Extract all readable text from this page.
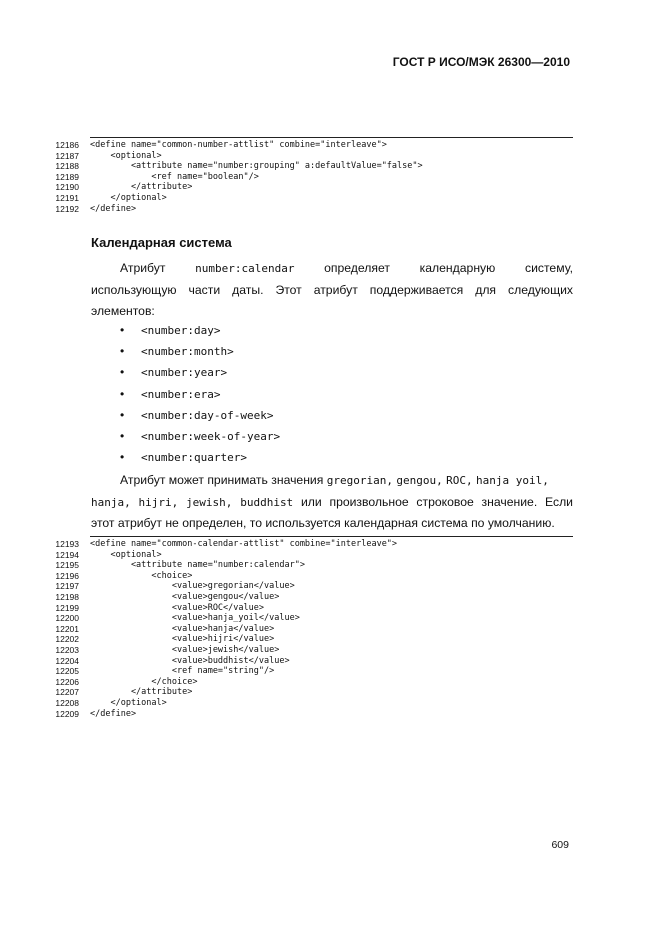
ГОСТ Р ИСО/МЭК 26300—2010
12186 <define name="common-number-attlist" combine="interleave">
12187 <optional>
12188 <attribute name="number:grouping" a:defaultValue="false">
12189 <ref name="boolean"/>
12190 </attribute>
12191 </optional>
12192 </define>
Календарная система
Атрибут	number:calendar определяет календарную систему,
использующую части даты. Этот атрибут поддерживается для следующих
элементов:
• <number:day>
• <number:month>
• <number:year>
• <number:era>
• <number:day-of-week>
• <number:week-of-year>
• <number:quarter>
Атрибут может принимать значения gregorian, gengou, ROC, hanja yoil,
hanja, hijri, jewish, buddhist или произвольное строковое значение. Если
этот атрибут не определен, то используется календарная система по умолчанию.
12193 <define name="common-calendar-attlist" combine="interleave">
12194 <optional>
12195 <attribute name="number:calendar">
12196 <choice>
12197 <value>gregorian</value>
12198 <value>gengou</value>
12199 <value>ROC</value>
12200 <value>hanja_yoil</value>
12201 <value>hanja</value>
12202 <value>hijri</value>
12203 <value>jewish</value>
12204 <value>buddhist</value>
12205 <ref name="string"/>
12206 </choice>
12207 </attribute>
12208 </optional>
12209 </define>
609
